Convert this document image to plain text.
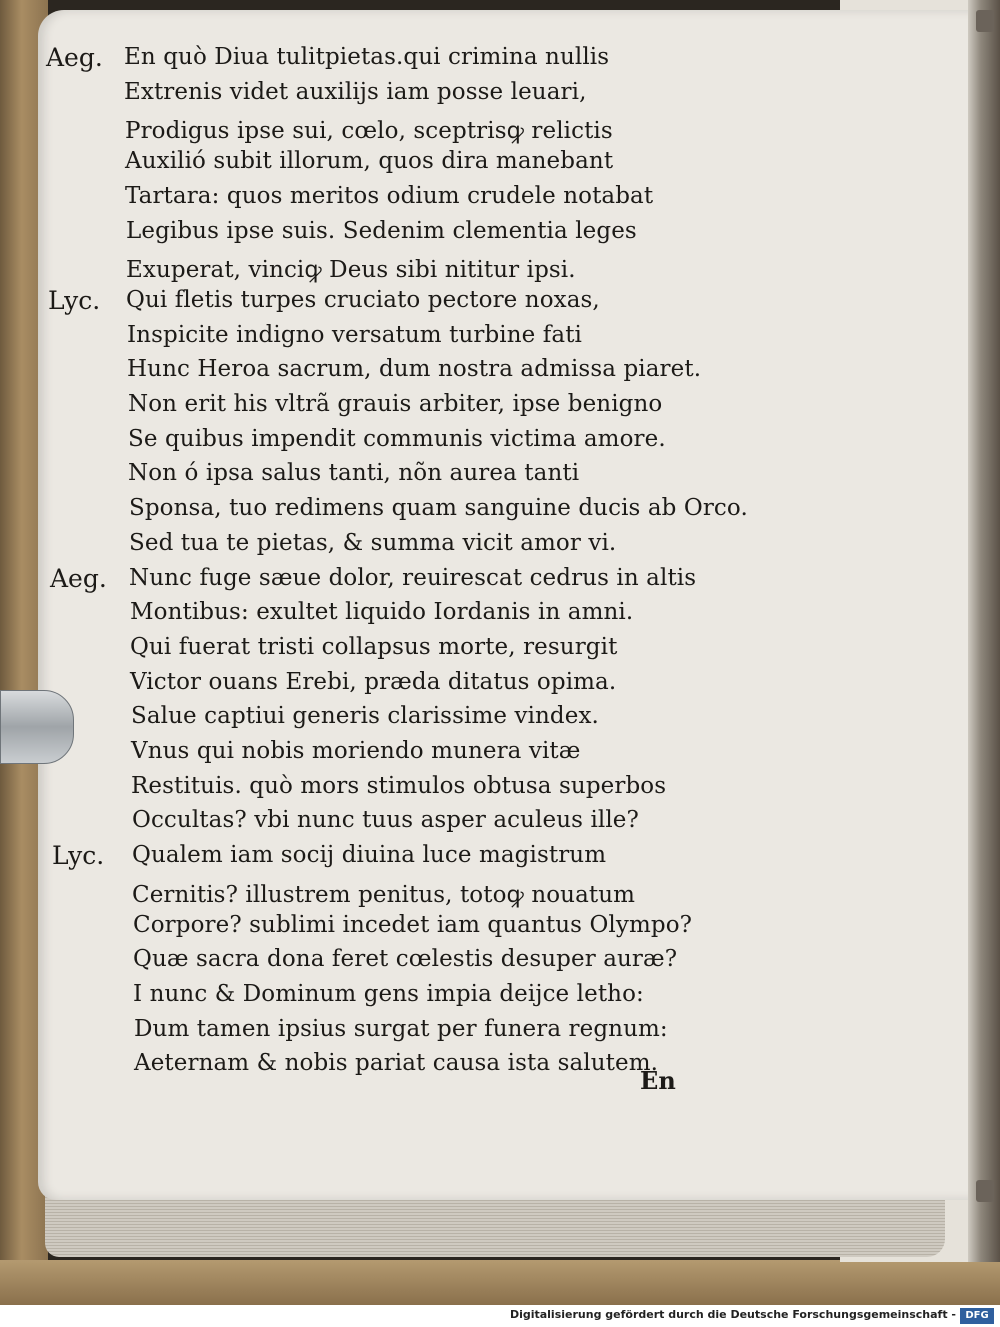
Aeg. En quò Diua tulitpietas.qui crimina nullis
Extrenis videt auxilijs iam posse leuari,
Prodigus ipse sui, cœlo, sceptrisꝙ relictis
Auxilió subit illorum, quos dira manebant
Tartara: quos meritos odium crudele notabat
Legibus ipse suis. Sedenim clementia leges
Exuperat, vinciꝙ Deus sibi nititur ipsi.
Lyc. Qui fletis turpes cruciato pectore noxas,
Inspicite indigno versatum turbine fati
Hunc Heroa sacrum, dum nostra admissa piaret.
Non erit his vltrã grauis arbiter, ipse benigno
Se quibus impendit communis victima amore.
Non ó ipsa salus tanti, nõn aurea tanti
Sponsa, tuo redimens quam sanguine ducis ab Orco.
Sed tua te pietas, & summa vicit amor vi.
Aeg. Nunc fuge sæue dolor, reuirescat cedrus in altis
Montibus: exultet liquido Iordanis in amni.
Qui fuerat tristi collapsus morte, resurgit
Victor ouans Erebi, præda ditatus opima.
Salue captiui generis clarissime vindex.
Vnus qui nobis moriendo munera vitæ
Restituis. quò mors stimulos obtusa superbos
Occultas? vbi nunc tuus asper aculeus ille?
Lyc. Qualem iam socij diuina luce magistrum
Cernitis? illustrem penitus, totoꝙ nouatum
Corpore? sublimi incedet iam quantus Olympo?
Quæ sacra dona feret cœlestis desuper auræ?
I nunc & Dominum gens impia deijce letho:
Dum tamen ipsius surgat per funera regnum:
Aeternam & nobis pariat causa ista salutem.
En
Digitalisierung gefördert durch die Deutsche Forschungsgemeinschaft - DFG
